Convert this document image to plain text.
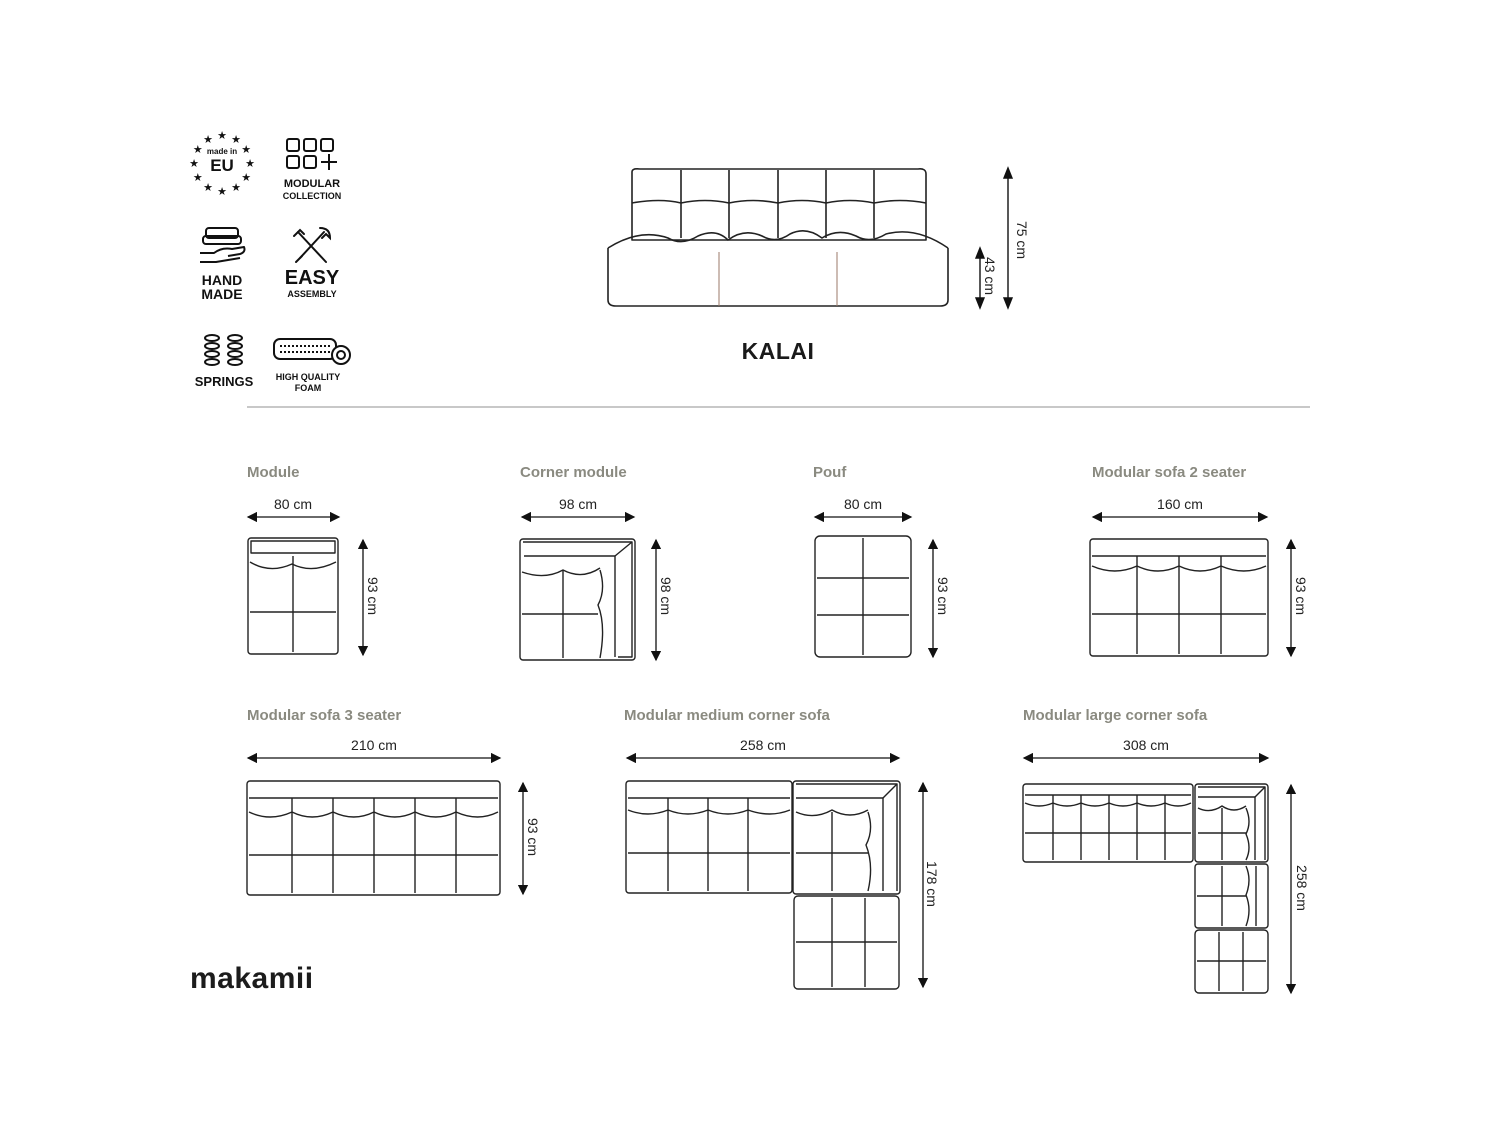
★ ★
★
★
★
★
★
★
★
★
★
★
made in
EU
MODULAR
COLLECTION
HAND
MADE
EASY
ASSEMBLY
SPRINGS	HIGH QUALITY
FOAM
75 cm
43 cm
KALAI
Module	Corner module	Pouf	Modular sofa 2 seater
Modular sofa 3 seater	Modular medium corner sofa	Modular large corner sofa
80 cm	98 cm	80 cm	160 cm
210 cm	258 cm	308 cm
93 cm	98 cm	93 cm	93 cm
93 cm
178 cm	258 cm
makamii
